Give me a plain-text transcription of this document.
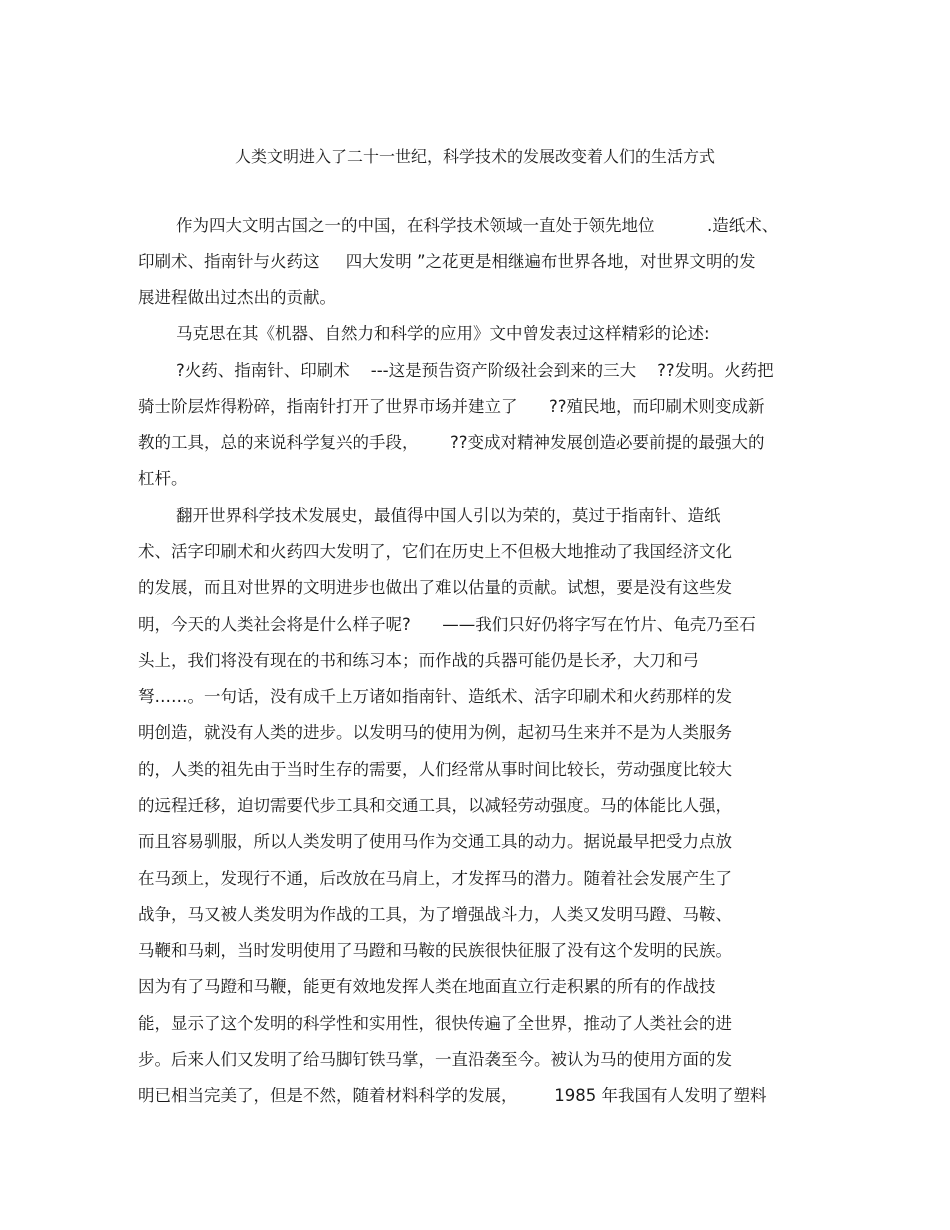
人类文明进入了二十一世纪，科学技术的发展改变着人们的生活方式
作为四大文明古国之一的中国，在科学技术领域一直处于领先地位          .造纸术、
印刷术、指南针与火药这     四大发明 ”之花更是相继遍布世界各地，对世界文明的发
展进程做出过杰出的贡献。
马克思在其《机器、自然力和科学的应用》文中曾发表过这样精彩的论述:
?火药、指南针、印刷术    ---这是预告资产阶级社会到来的三大    ??发明。火药把
骑士阶层炸得粉碎，指南针打开了世界市场并建立了      ??殖民地，而印刷术则变成新
教的工具，总的来说科学复兴的手段，      ??变成对精神发展创造必要前提的最强大的
杠杆。
翻开世界科学技术发展史，最值得中国人引以为荣的，莫过于指南针、造纸
术、活字印刷术和火药四大发明了，它们在历史上不但极大地推动了我国经济文化
的发展，而且对世界的文明进步也做出了难以估量的贡献。试想，要是没有这些发
明，今天的人类社会将是什么样子呢?      ——我们只好仍将字写在竹片、龟壳乃至石
头上，我们将没有现在的书和练习本；而作战的兵器可能仍是长矛，大刀和弓
弩……。一句话，没有成千上万诸如指南针、造纸术、活字印刷术和火药那样的发
明创造，就没有人类的进步。以发明马的使用为例，起初马生来并不是为人类服务
的，人类的祖先由于当时生存的需要，人们经常从事时间比较长，劳动强度比较大
的远程迁移，迫切需要代步工具和交通工具，以减轻劳动强度。马的体能比人强，
而且容易驯服，所以人类发明了使用马作为交通工具的动力。据说最早把受力点放
在马颈上，发现行不通，后改放在马肩上，才发挥马的潜力。随着社会发展产生了
战争，马又被人类发明为作战的工具，为了增强战斗力，人类又发明马蹬、马鞍、
马鞭和马刺，当时发明使用了马蹬和马鞍的民族很快征服了没有这个发明的民族。
因为有了马蹬和马鞭，能更有效地发挥人类在地面直立行走积累的所有的作战技
能，显示了这个发明的科学性和实用性，很快传遍了全世界，推动了人类社会的进
步。后来人们又发明了给马脚钉铁马掌，一直沿袭至今。被认为马的使用方面的发
明已相当完美了，但是不然，随着材料科学的发展，       1985 年我国有人发明了塑料
